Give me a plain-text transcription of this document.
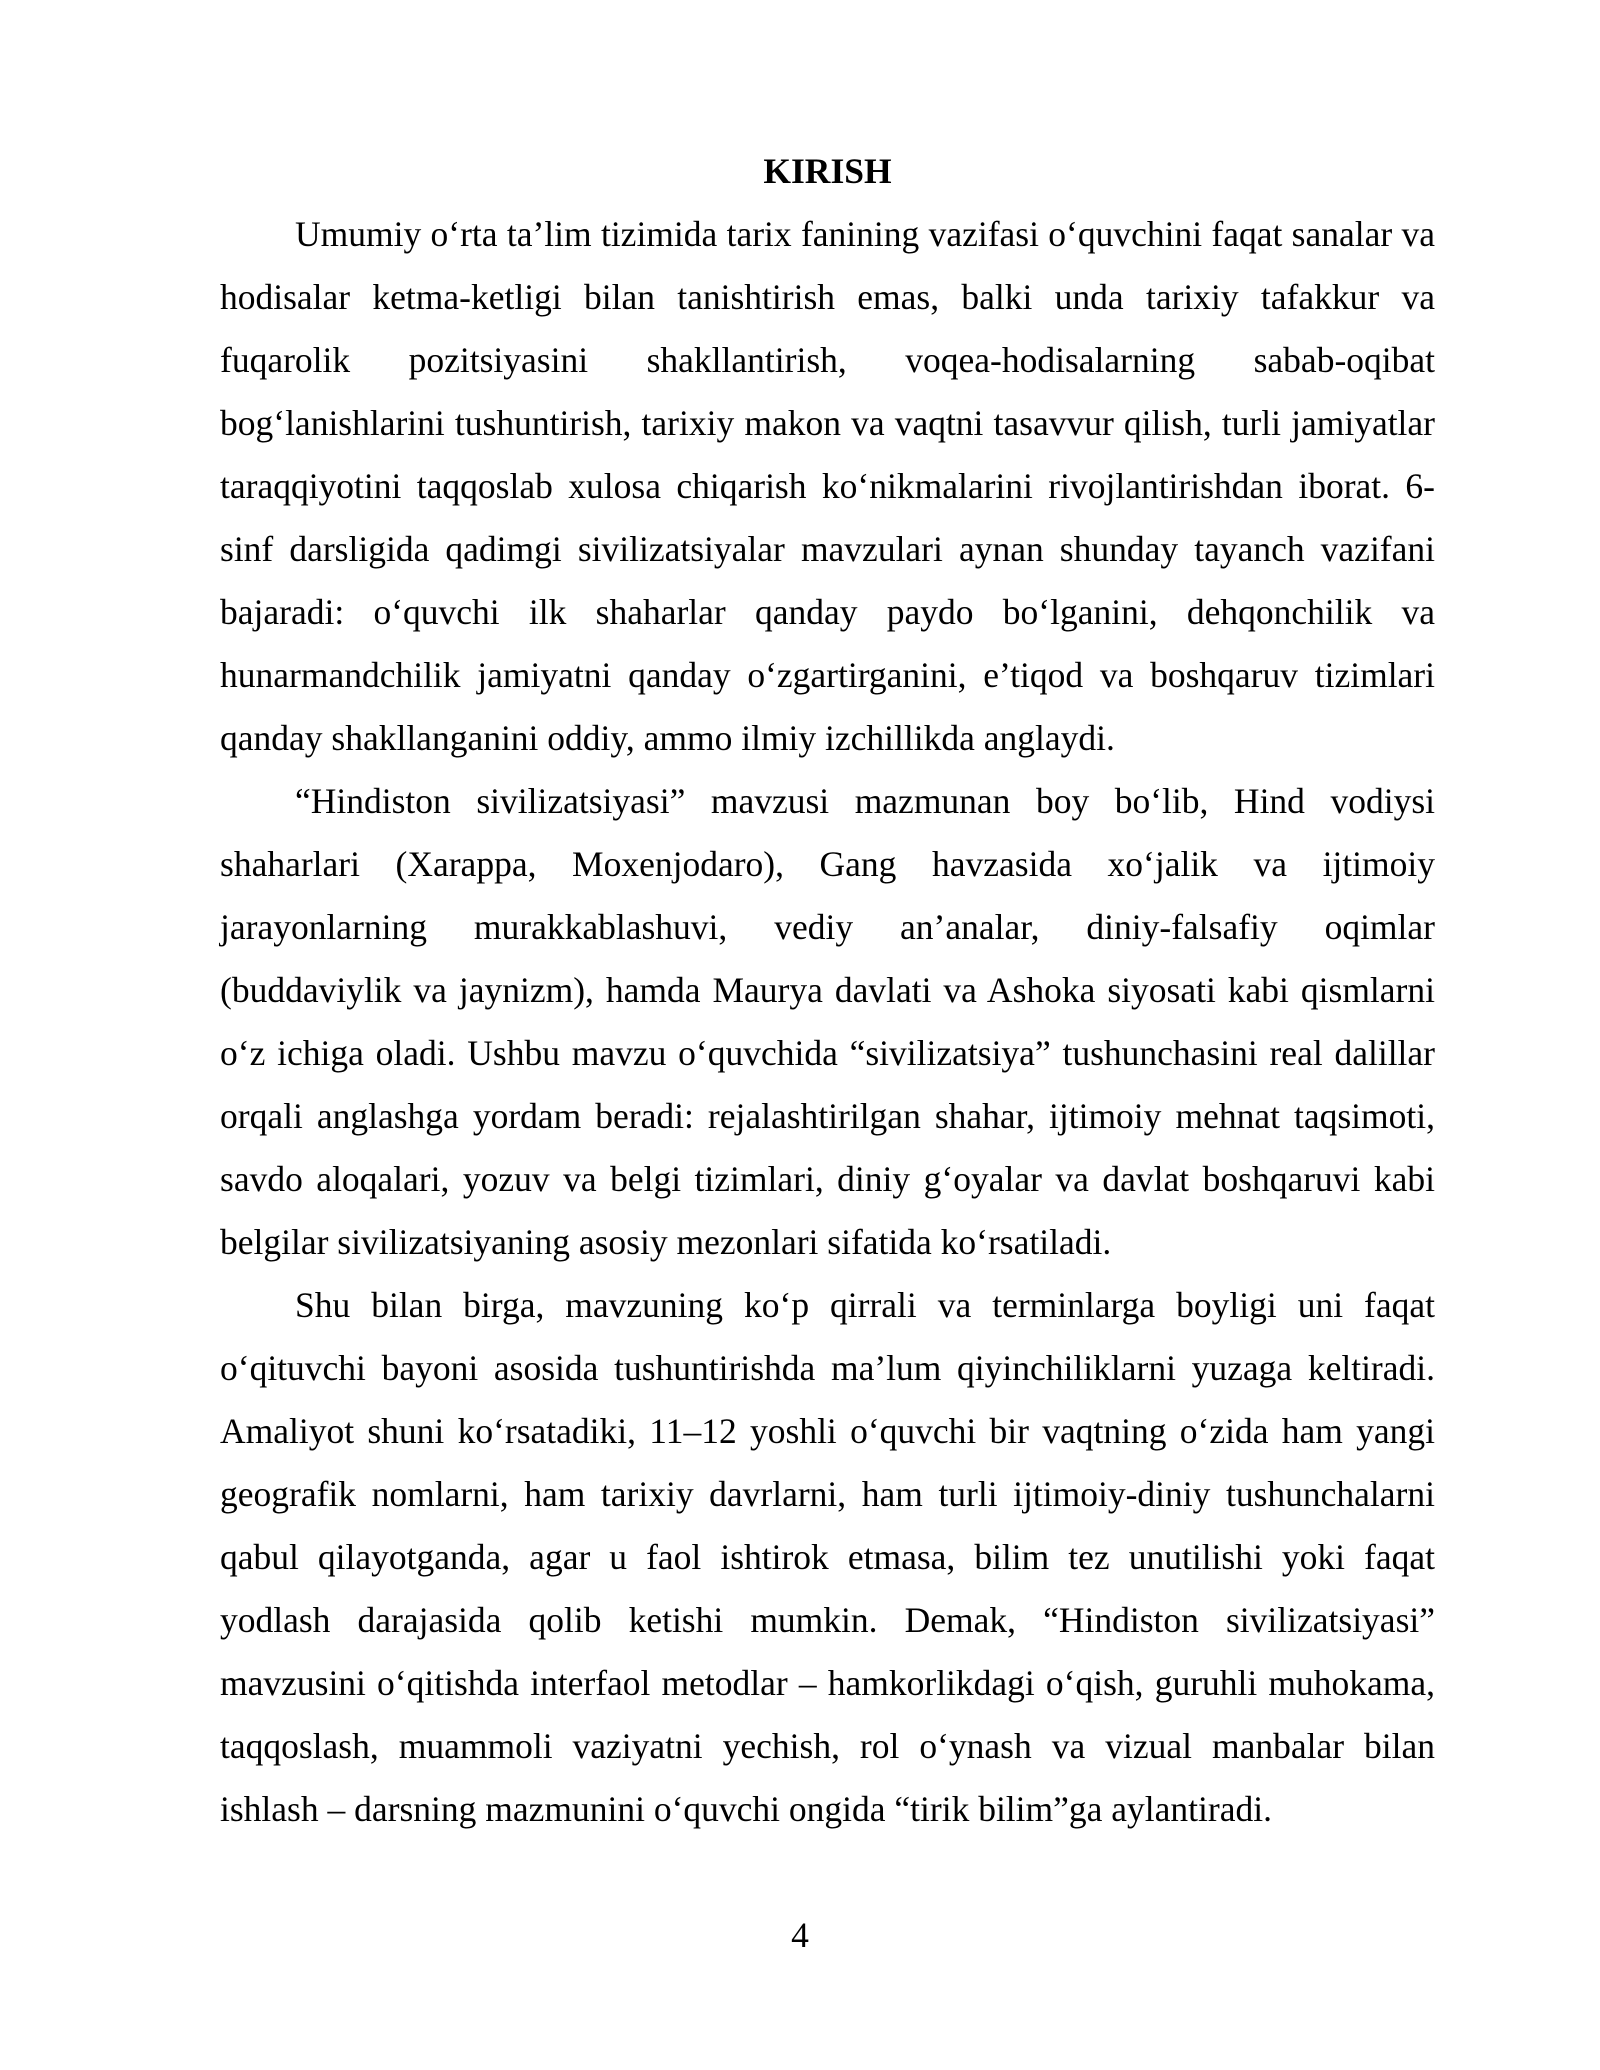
KIRISH

Umumiy o‘rta ta’lim tizimida tarix fanining vazifasi o‘quvchini faqat sanalar va hodisalar ketma-ketligi bilan tanishtirish emas, balki unda tarixiy tafakkur va fuqarolik pozitsiyasini shakllantirish, voqea-hodisalarning sabab-oqibat bog‘lanishlarini tushuntirish, tarixiy makon va vaqtni tasavvur qilish, turli jamiyatlar taraqqiyotini taqqoslab xulosa chiqarish ko‘nikmalarini rivojlantirishdan iborat. 6-sinf darsligida qadimgi sivilizatsiyalar mavzulari aynan shunday tayanch vazifani bajaradi: o‘quvchi ilk shaharlar qanday paydo bo‘lganini, dehqonchilik va hunarmandchilik jamiyatni qanday o‘zgartirganini, e’tiqod va boshqaruv tizimlari qanday shakllanganini oddiy, ammo ilmiy izchillikda anglaydi.

“Hindiston sivilizatsiyasi” mavzusi mazmunan boy bo‘lib, Hind vodiysi shaharlari (Xarappa, Moxenjodaro), Gang havzasida xo‘jalik va ijtimoiy jarayonlarning murakkablashuvi, vediy an’analar, diniy-falsafiy oqimlar (buddaviylik va jaynizm), hamda Maurya davlati va Ashoka siyosati kabi qismlarni o‘z ichiga oladi. Ushbu mavzu o‘quvchida “sivilizatsiya” tushunchasini real dalillar orqali anglashga yordam beradi: rejalashtirilgan shahar, ijtimoiy mehnat taqsimoti, savdo aloqalari, yozuv va belgi tizimlari, diniy g‘oyalar va davlat boshqaruvi kabi belgilar sivilizatsiyaning asosiy mezonlari sifatida ko‘rsatiladi.

Shu bilan birga, mavzuning ko‘p qirrali va terminlarga boyligi uni faqat o‘qituvchi bayoni asosida tushuntirishda ma’lum qiyinchiliklarni yuzaga keltiradi. Amaliyot shuni ko‘rsatadiki, 11–12 yoshli o‘quvchi bir vaqtning o‘zida ham yangi geografik nomlarni, ham tarixiy davrlarni, ham turli ijtimoiy-diniy tushunchalarni qabul qilayotganda, agar u faol ishtirok etmasa, bilim tez unutilishi yoki faqat yodlash darajasida qolib ketishi mumkin. Demak, “Hindiston sivilizatsiyasi” mavzusini o‘qitishda interfaol metodlar – hamkorlikdagi o‘qish, guruhli muhokama, taqqoslash, muammoli vaziyatni yechish, rol o‘ynash va vizual manbalar bilan ishlash – darsning mazmunini o‘quvchi ongida “tirik bilim”ga aylantiradi.

4
